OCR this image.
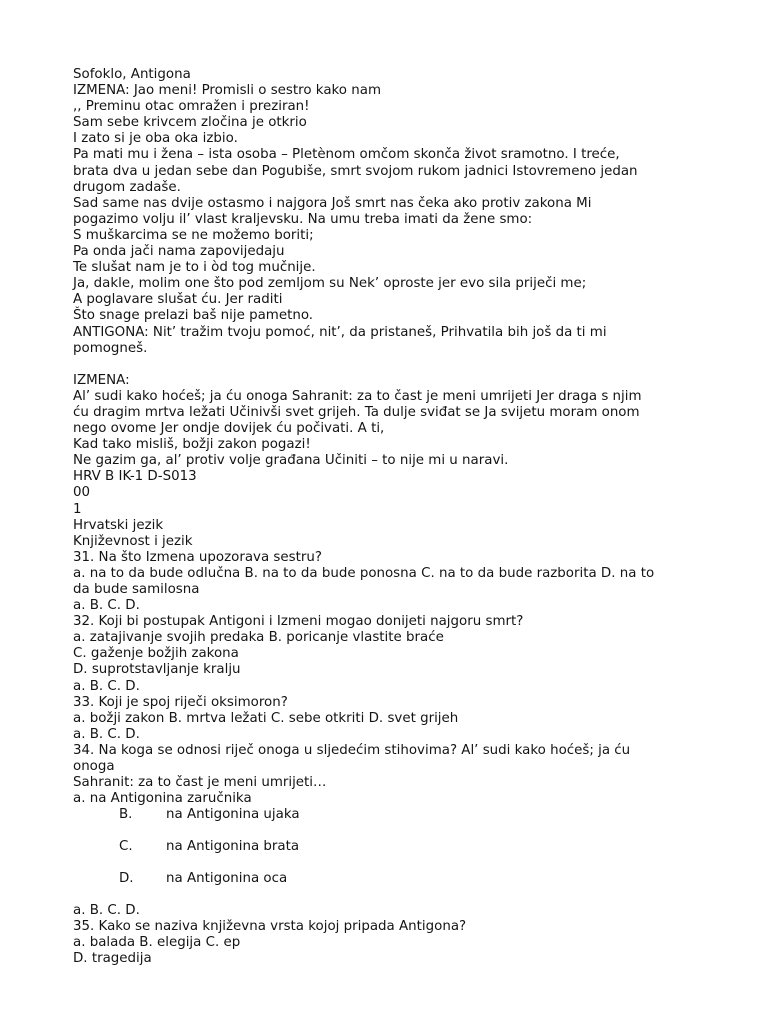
Sofoklo, Antigona
IZMENA: Jao meni! Promisli o sestro kako nam
,, Preminu otac omražen i preziran!
Sam sebe krivcem zločina je otkrio
I zato si je oba oka izbio.
Pa mati mu i žena – ista osoba – Pletènom omčom skonča život sramotno. I treće,
brata dva u jedan sebe dan Pogubiše, smrt svojom rukom jadnici Istovremeno jedan
drugom zadaše.
Sad same nas dvije ostasmo i najgora Još smrt nas čeka ako protiv zakona Mi
pogazimo volju il’ vlast kraljevsku. Na umu treba imati da žene smo:
S muškarcima se ne možemo boriti;
Pa onda jači nama zapovijedaju
Te slušat nam je to i òd tog mučnije.
Ja, dakle, molim one što pod zemljom su Nek’ oproste jer evo sila priječi me;
A poglavare slušat ću. Jer raditi
Što snage prelazi baš nije pametno.
ANTIGONA: Nit’ tražim tvoju pomoć, nit’, da pristaneš, Prihvatila bih još da ti mi
pomogneš.
IZMENA:
Al’ sudi kako hoćeš; ja ću onoga Sahranit: za to čast je meni umrijeti Jer draga s njim
ću dragim mrtva ležati Učinivši svet grijeh. Ta dulje sviđat se Ja svijetu moram onom
nego ovome Jer ondje dovijek ću počivati. A ti,
Kad tako misliš, božji zakon pogazi!
Ne gazim ga, al’ protiv volje građana Učiniti – to nije mi u naravi.
HRV B IK-1 D-S013
00
1
Hrvatski jezik
Književnost i jezik
31. Na što Izmena upozorava sestru?
a. na to da bude odlučna B. na to da bude ponosna C. na to da bude razborita D. na to
da bude samilosna
a. B. C. D.
32. Koji bi postupak Antigoni i Izmeni mogao donijeti najgoru smrt?
a. zatajivanje svojih predaka B. poricanje vlastite braće
C. gaženje božjih zakona
D. suprotstavljanje kralju
a. B. C. D.
33. Koji je spoj riječi oksimoron?
a. božji zakon B. mrtva ležati C. sebe otkriti D. svet grijeh
a. B. C. D.
34. Na koga se odnosi riječ onoga u sljedećim stihovima? Al’ sudi kako hoćeš; ja ću
onoga
Sahranit: za to čast je meni umrijeti…
a. na Antigonina zaručnika
B.	na Antigonina ujaka
C.	na Antigonina brata
D.	na Antigonina oca
a. B. C. D.
35. Kako se naziva književna vrsta kojoj pripada Antigona?
a. balada B. elegija C. ep
D. tragedija
